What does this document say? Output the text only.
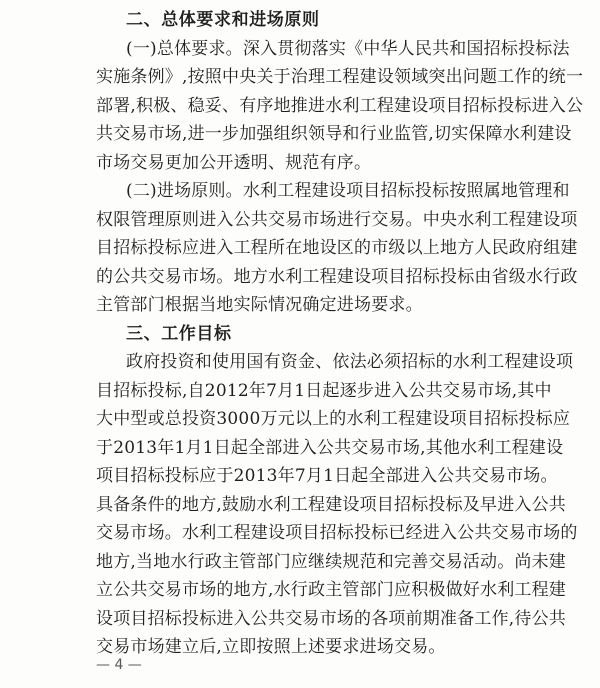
二、总体要求和进场原则
(一)总体要求。深入贯彻落实《中华人民共和国招标投标法
实施条例》,按照中央关于治理工程建设领域突出问题工作的统一
部署,积极、稳妥、有序地推进水利工程建设项目招标投标进入公
共交易市场,进一步加强组织领导和行业监管,切实保障水利建设
市场交易更加公开透明、规范有序。
(二)进场原则。水利工程建设项目招标投标按照属地管理和
权限管理原则进入公共交易市场进行交易。中央水利工程建设项
目招标投标应进入工程所在地设区的市级以上地方人民政府组建
的公共交易市场。地方水利工程建设项目招标投标由省级水行政
主管部门根据当地实际情况确定进场要求。
三、工作目标
政府投资和使用国有资金、依法必须招标的水利工程建设项
目招标投标,自2012年7月1日起逐步进入公共交易市场,其中
大中型或总投资3000万元以上的水利工程建设项目招标投标应
于2013年1月1日起全部进入公共交易市场,其他水利工程建设
项目招标投标应于2013年7月1日起全部进入公共交易市场。
具备条件的地方,鼓励水利工程建设项目招标投标及早进入公共
交易市场。水利工程建设项目招标投标已经进入公共交易市场的
地方,当地水行政主管部门应继续规范和完善交易活动。尚未建
立公共交易市场的地方,水行政主管部门应积极做好水利工程建
设项目招标投标进入公共交易市场的各项前期准备工作,待公共
交易市场建立后,立即按照上述要求进场交易。
— 4 —
